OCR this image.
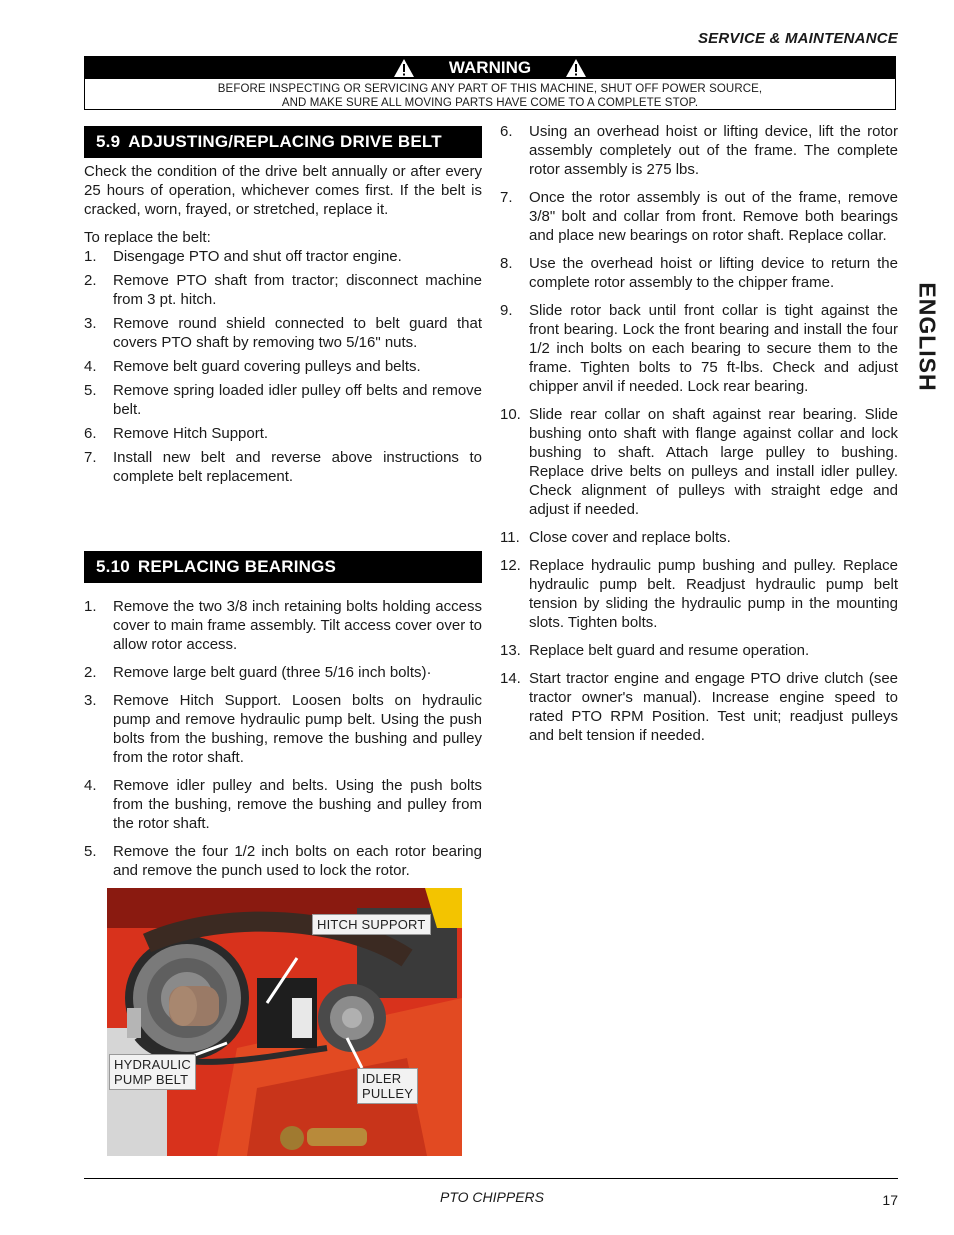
SERVICE & MAINTENANCE
WARNING
BEFORE INSPECTING OR SERVICING ANY PART OF THIS MACHINE, SHUT OFF POWER SOURCE,
AND MAKE SURE ALL MOVING PARTS HAVE COME TO A COMPLETE STOP.
5.9 ADJUSTING/REPLACING DRIVE BELT

Check the condition of the drive belt annually or after every 25 hours of operation, whichever comes first. If the belt is cracked, worn, frayed, or stretched, replace it.

To replace the belt:

1.	Disengage PTO and shut off tractor engine.
2.	Remove PTO shaft from tractor; disconnect machine from 3 pt. hitch.
3.	Remove round shield connected to belt guard that covers PTO shaft by removing two 5/16" nuts.
4.	Remove belt guard covering pulleys and belts.
5.	Remove spring loaded idler pulley off belts and remove belt.
6.	Remove Hitch Support.
7.	Install new belt and reverse above instructions to complete belt replacement.
5.10 REPLACING BEARINGS
1.	Remove the two 3/8 inch retaining bolts holding access cover to main frame assembly. Tilt access cover over to allow rotor access.
2.	Remove large belt guard (three 5/16 inch bolts)·
3.	Remove Hitch Support. Loosen bolts on hydraulic pump and remove hydraulic pump belt. Using the push bolts from the bushing, remove the bushing and pulley from the rotor shaft.
4.	Remove idler pulley and belts. Using the push bolts from the bushing, remove the bushing and pulley from the rotor shaft.
5.	Remove the four 1/2 inch bolts on each rotor bearing and remove the punch used to lock the rotor.
6.	Using an overhead hoist or lifting device, lift the rotor assembly completely out of the frame. The complete rotor assembly is 275 lbs.
7.	Once the rotor assembly is out of the frame, remove 3/8" bolt and collar from front. Remove both bearings and place new bearings on rotor shaft. Replace collar.
8.	Use the overhead hoist or lifting device to return the complete rotor assembly to the chipper frame.
9.	Slide rotor back until front collar is tight against the front bearing. Lock the front bearing and install the four 1/2 inch bolts on each bearing to secure them to the frame. Tighten bolts to 75 ft-lbs. Check and adjust chipper anvil if needed. Lock rear bearing.
10. Slide rear collar on shaft against rear bearing. Slide bushing onto shaft with flange against collar and lock bushing to shaft. Attach large pulley to bushing. Replace drive belts on pulleys and install idler pulley. Check alignment of pulleys with straight edge and adjust if needed.
11. Close cover and replace bolts.
12. Replace hydraulic pump bushing and pulley. Replace hydraulic pump belt. Readjust hydraulic pump belt tension by sliding the hydraulic pump in the mounting slots. Tighten bolts.
13. Replace belt guard and resume operation.
14. Start tractor engine and engage PTO drive clutch (see tractor owner's manual). Increase engine speed to rated PTO RPM Position. Test unit; readjust pulleys and belt tension if needed.
HITCH SUPPORT
HYDRAULIC
PUMP BELT	IDLER
PULLEY
ENGLISH
PTO CHIPPERS	17
